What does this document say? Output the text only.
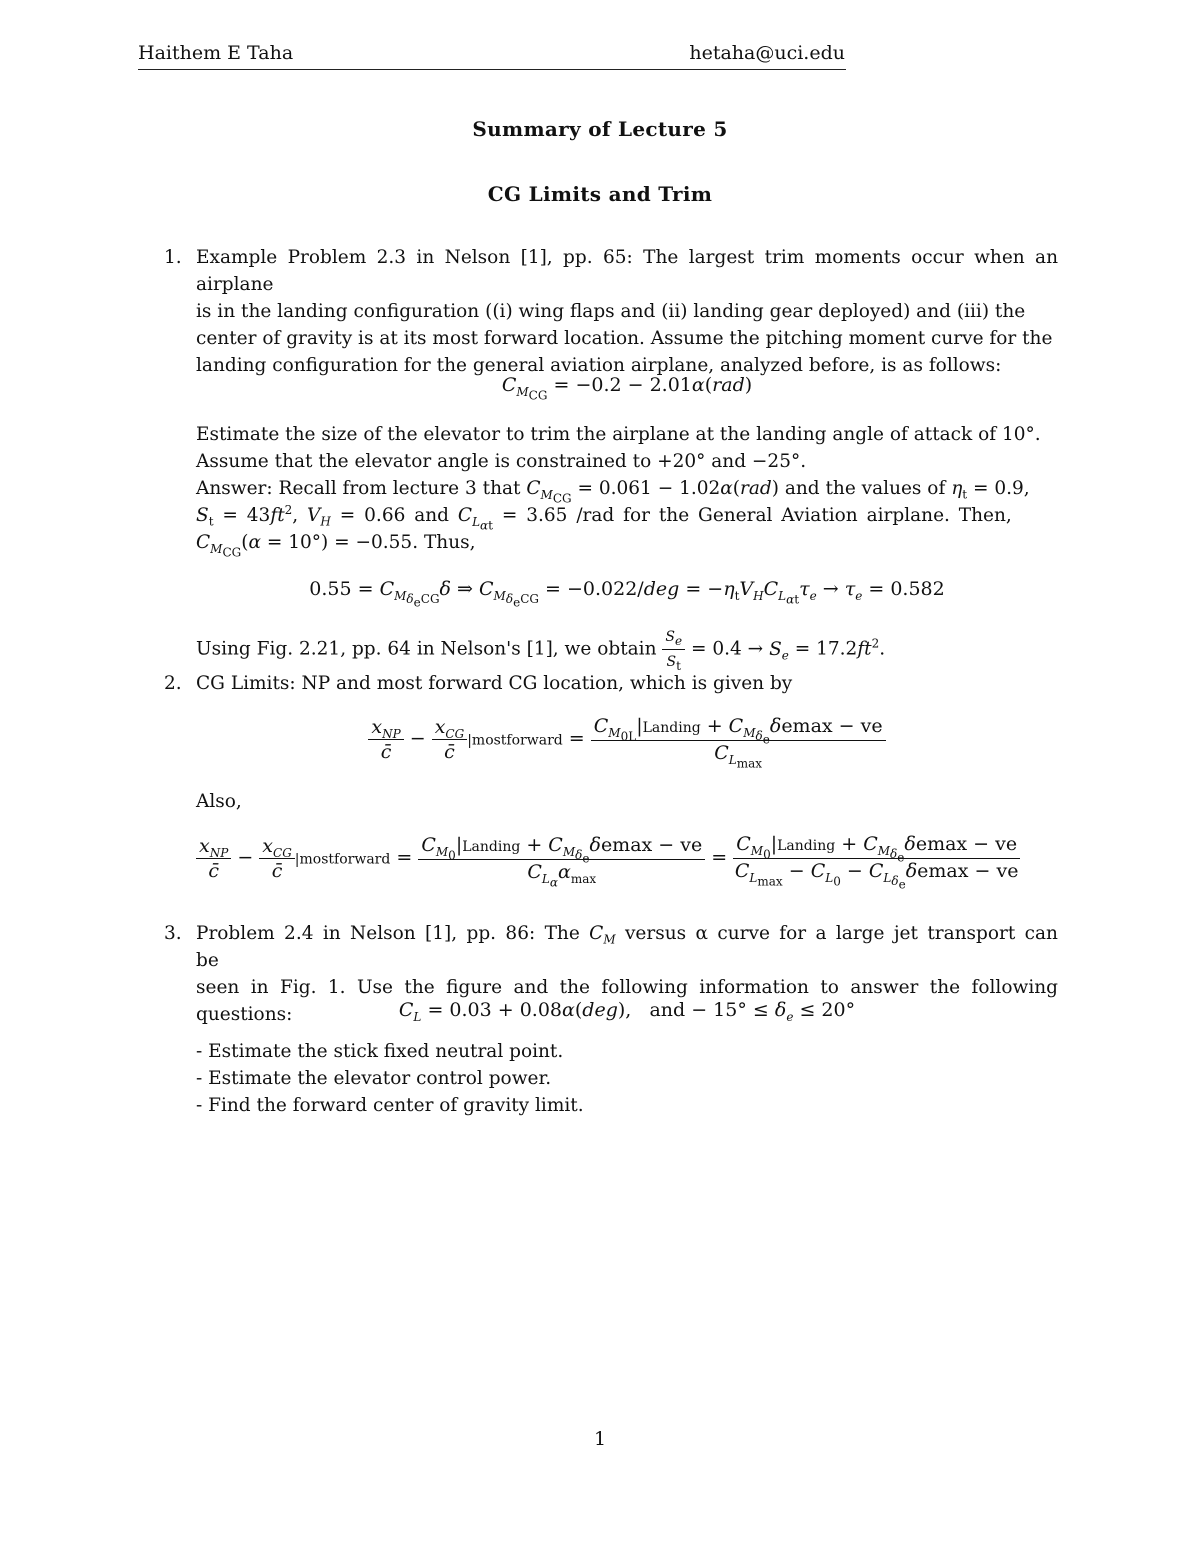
Haithem E Taha	hetaha@uci.edu
Summary of Lecture 5
CG Limits and Trim
1. Example Problem 2.3 in Nelson [1], pp. 65: The largest trim moments occur when an airplane
is in the landing configuration ((i) wing flaps and (ii) landing gear deployed) and (iii) the
center of gravity is at its most forward location. Assume the pitching moment curve for the
landing configuration for the general aviation airplane, analyzed before, is as follows:
$C_{M_{CG}} = -0.2 - 2.01\alpha(rad)$
Estimate the size of the elevator to trim the airplane at the landing angle of attack of 10°.
Assume that the elevator angle is constrained to +20° and −25°.
Answer: Recall from lecture 3 that $C_{M_{CG}} = 0.061 - 1.02\alpha(rad)$ and the values of $\eta_t = 0.9$,
$S_t = 43ft^2$, $V_H = 0.66$ and $C_{L_{\alpha t}} = 3.65$ /rad for the General Aviation airplane. Then,
$C_{M_{CG}}(\alpha = 10^\circ) = -0.55$. Thus,
$0.55 = C_{M_{\delta_eCG}}\delta$ ⇒ $C_{M_{\delta_eCG}} = -0.022/deg = -\eta_tV_HC_{L_{\alpha t}}\tau_e \to \tau_e = 0.582$
Using Fig. 2.21, pp. 64 in Nelson's [1], we obtain $\frac{S_e}{S_t} = 0.4 \to S_e = 17.2ft^2$.
2. CG Limits: NP and most forward CG location, which is given by
$\frac{x_{NP}}{c̄} - \frac{x_{CG}}{c̄}$ |mostforward = $\frac{C_{M_{0L}}|Landing + C_{M_{\delta_e}}\delta emax - ve}{C_{L_{max}}}$
Also,
$\frac{x_{NP}}{c̄} - \frac{x_{CG}}{c̄}$ |mostforward = $\frac{C_{M_0}|Landing + C_{M_{\delta_e}}\delta emax - ve}{C_{L_\alpha}\alpha_{max}} = \frac{C_{M_0}|Landing + C_{M_{\delta_e}}\delta emax - ve}{C_{L_{max}} - C_{L_0} - C_{L_{\delta_e}}\delta emax - ve}$
3. Problem 2.4 in Nelson [1], pp. 86: The $C_M$ versus α curve for a large jet transport can be
seen in Fig. 1. Use the figure and the following information to answer the following questions:	$C_L = 0.03 + 0.08\alpha(deg)$,   and − $15^\circ \le \delta_e \le 20^\circ$
- Estimate the stick fixed neutral point.
- Estimate the elevator control power.
- Find the forward center of gravity limit.
1
